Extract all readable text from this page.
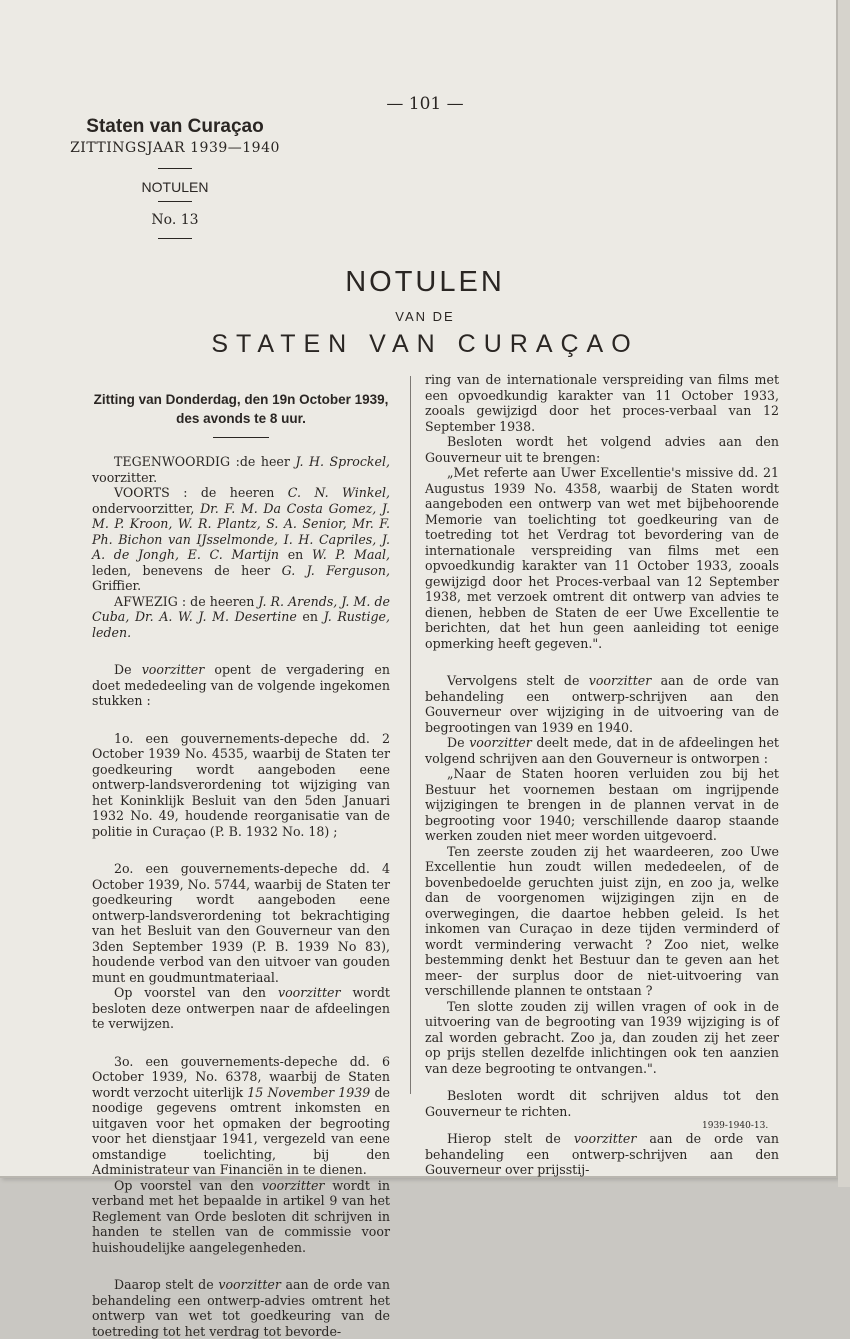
— 101 —
Staten van Curaçao
ZITTINGSJAAR 1939—1940
NOTULEN
No. 13
NOTULEN
VAN DE
STATEN VAN CURAÇAO
Zitting van Donderdag, den 19n October 1939,
des avonds te 8 uur.

TEGENWOORDIG :de heer J. H. Sprockel, voorzitter.

VOORTS : de heeren C. N. Winkel, ondervoorzitter, Dr. F. M. Da Costa Gomez, J. M. P. Kroon, W. R. Plantz, S. A. Senior, Mr. F. Ph. Bichon van IJsselmonde, I. H. Capriles, J. A. de Jongh, E. C. Martijn en W. P. Maal, leden, benevens de heer G. J. Ferguson, Griffier.

AFWEZIG : de heeren J. R. Arends, J. M. de Cuba, Dr. A. W. J. M. Desertine en J. Rustige, leden.

De voorzitter opent de vergadering en doet mededeeling van de volgende ingekomen stukken :

1o. een gouvernements-depeche dd. 2 October 1939 No. 4535, waarbij de Staten ter goedkeuring wordt aangeboden eene ontwerp-landsverordening tot wijziging van het Koninklijk Besluit van den 5den Januari 1932 No. 49, houdende reorganisatie van de politie in Curaçao (P. B. 1932 No. 18) ;

2o. een gouvernements-depeche dd. 4 October 1939, No. 5744, waarbij de Staten ter goedkeuring wordt aangeboden eene ontwerp-landsverordening tot bekrachtiging van het Besluit van den Gouverneur van den 3den September 1939 (P. B. 1939 No 83), houdende verbod van den uitvoer van gouden munt en goudmuntmateriaal.

Op voorstel van den voorzitter wordt besloten deze ontwerpen naar de afdeelingen te verwijzen.

3o. een gouvernements-depeche dd. 6 October 1939, No. 6378, waarbij de Staten wordt verzocht uiterlijk 15 November 1939 de noodige gegevens omtrent inkomsten en uitgaven voor het opmaken der begrooting voor het dienstjaar 1941, vergezeld van eene omstandige toelichting, bij den Administrateur van Financiën in te dienen.

Op voorstel van den voorzitter wordt in verband met het bepaalde in artikel 9 van het Reglement van Orde besloten dit schrijven in handen te stellen van de commissie voor huishoudelijke aangelegenheden.

Daarop stelt de voorzitter aan de orde van behandeling een ontwerp-advies omtrent het ontwerp van wet tot goedkeuring van de toetreding tot het verdrag tot bevorde-

ring van de internationale verspreiding van films met een opvoedkundig karakter van 11 October 1933, zooals gewijzigd door het proces-verbaal van 12 September 1938.

Besloten wordt het volgend advies aan den Gouverneur uit te brengen:

„Met referte aan Uwer Excellentie's missive dd. 21 Augustus 1939 No. 4358, waarbij de Staten wordt aangeboden een ontwerp van wet met bijbehoorende Memorie van toelichting tot goedkeuring van de toetreding tot het Verdrag tot bevordering van de internationale verspreiding van films met een opvoedkundig karakter van 11 October 1933, zooals gewijzigd door het Proces-verbaal van 12 September 1938, met verzoek omtrent dit ontwerp van advies te dienen, hebben de Staten de eer Uwe Excellentie te berichten, dat het hun geen aanleiding tot eenige opmerking heeft gegeven.".

Vervolgens stelt de voorzitter aan de orde van behandeling een ontwerp-schrijven aan den Gouverneur over wijziging in de uitvoering van de begrootingen van 1939 en 1940.

De voorzitter deelt mede, dat in de afdeelingen het volgend schrijven aan den Gouverneur is ontworpen :

„Naar de Staten hooren verluiden zou bij het Bestuur het voornemen bestaan om ingrijpende wijzigingen te brengen in de plannen vervat in de begrooting voor 1940; verschillende daarop staande werken zouden niet meer worden uitgevoerd.

Ten zeerste zouden zij het waardeeren, zoo Uwe Excellentie hun zoudt willen mededeelen, of de bovenbedoelde geruchten juist zijn, en zoo ja, welke dan de voorgenomen wijzigingen zijn en de overwegingen, die daartoe hebben geleid. Is het inkomen van Curaçao in deze tijden verminderd of wordt vermindering verwacht ? Zoo niet, welke bestemming denkt het Bestuur dan te geven aan het meer- der surplus door de niet-uitvoering van verschillende plannen te ontstaan ?

Ten slotte zouden zij willen vragen of ook in de uitvoering van de begrooting van 1939 wijziging is of zal worden gebracht. Zoo ja, dan zouden zij het zeer op prijs stellen dezelfde inlichtingen ook ten aanzien van deze begrooting te ontvangen.".

Besloten wordt dit schrijven aldus tot den Gouverneur te richten.

Hierop stelt de voorzitter aan de orde van behandeling een ontwerp-schrijven aan den Gouverneur over prijsstij-

1939-1940-13.
